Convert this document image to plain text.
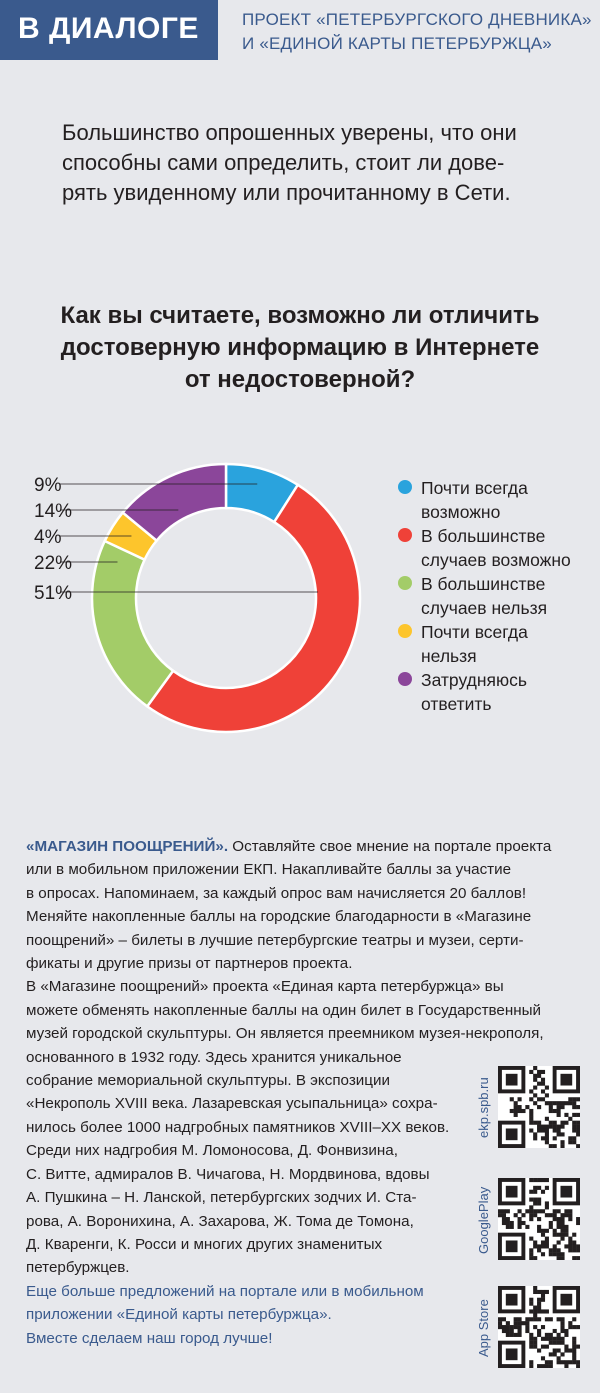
В ДИАЛОГЕ	ПРОЕКТ «ПЕТЕРБУРГСКОГО ДНЕВНИКА»
И «ЕДИНОЙ КАРТЫ ПЕТЕРБУРЖЦА»
Большинство опрошенных уверены, что они
способны сами определить, стоит ли дове-
рять увиденному или прочитанному в Сети.
Как вы считаете, возможно ли отличить
достоверную информацию в Интернете
от недостоверной?
9%
14%
4%
22%
51%
Почти всегда
возможно
В большинстве
случаев возможно
В большинстве
случаев нельзя
Почти всегда
нельзя
Затрудняюсь
ответить
«МАГАЗИН ПООЩРЕНИЙ». Оставляйте свое мнение на портале проекта
или в мобильном приложении ЕКП. Накапливайте баллы за участие
в опросах. Напоминаем, за каждый опрос вам начисляется 20 баллов!
Меняйте накопленные баллы на городские благодарности в «Магазине
поощрений» – билеты в лучшие петербургские театры и музеи, серти-
фикаты и другие призы от партнеров проекта.
В «Магазине поощрений» проекта «Единая карта петербуржца» вы
можете обменять накопленные баллы на один билет в Государственный
музей городской скульптуры. Он является преемником музея-некрополя,
основанного в 1932 году. Здесь хранится уникальное
собрание мемориальной скульптуры. В экспозиции
«Некрополь XVIII века. Лазаревская усыпальница» сохра-
нилось более 1000 надгробных памятников XVIII–XX веков.
Среди них надгробия М. Ломоносова, Д. Фонвизина,
С. Витте, адмиралов В. Чичагова, Н. Мордвинова, вдовы
А. Пушкина – Н. Ланской, петербургских зодчих И. Ста-
рова, А. Воронихина, А. Захарова, Ж. Тома де Томона,
Д. Кваренги, К. Росси и многих других знаменитых
петербуржцев.
Еще больше предложений на портале или в мобильном
приложении «Единой карты петербуржца».
Вместе сделаем наш город лучше!
ekp.spb.ru
GooglePlay
App Store
